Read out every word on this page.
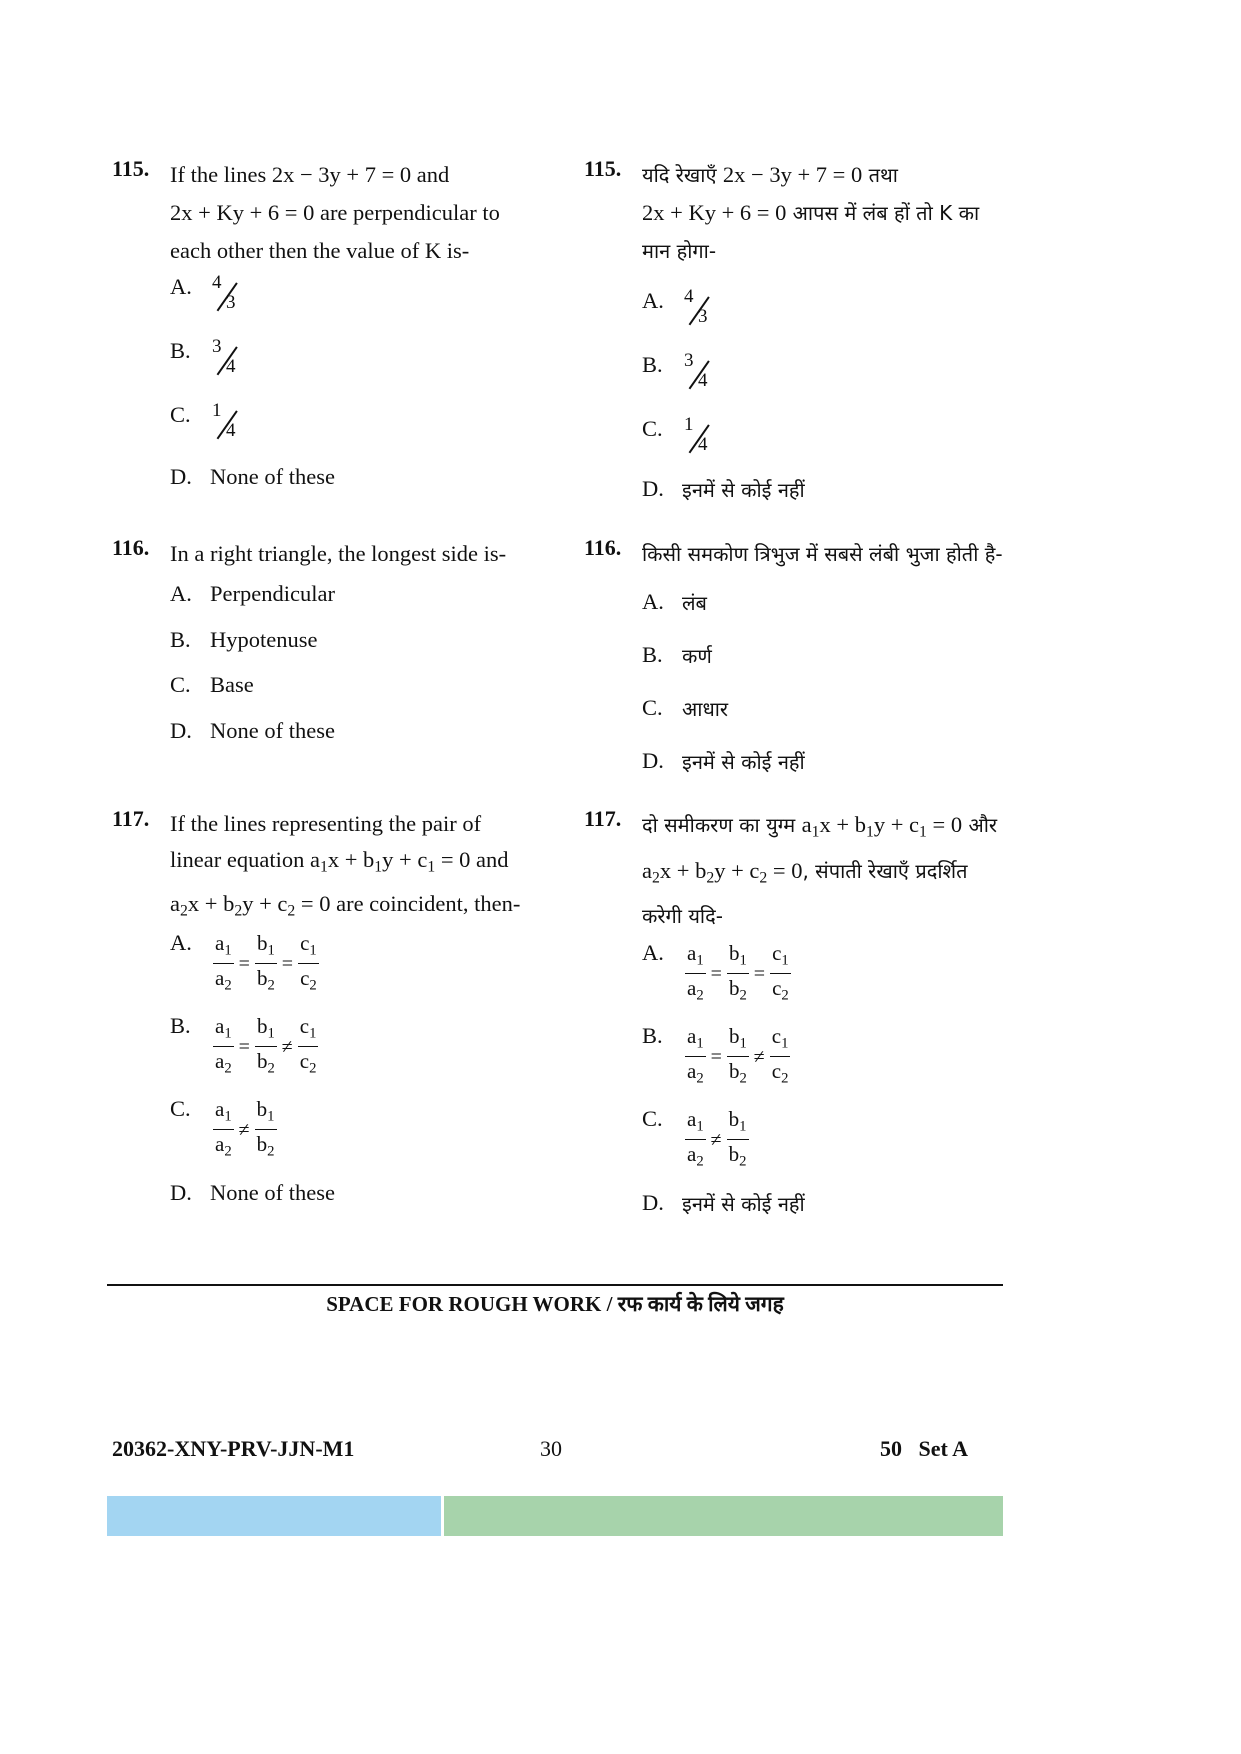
115. If the lines 2x − 3y + 7 = 0 and
2x + Ky + 6 = 0 are perpendicular to
each other then the value of K is-
A. 4
3
B. 3
4
C. 1
4
D. None of these
116. In a right triangle, the longest side is-
A. Perpendicular
B. Hypotenuse
C. Base
D. None of these
117. If the lines representing the pair of
linear equation $a_1x + b_1y + c_1 = 0$ and
$a_2x + b_2y + c_2 = 0$ are coincident, then-
A. $\frac{a_1}{a_2} = \frac{b_1}{b_2} = \frac{c_1}{c_2}$
B. $\frac{a_1}{a_2} = \frac{b_1}{b_2}$ ≠
$c_1$
$c_2$
C. $a_1$
$a_2$
≠
$b_1$
$b_2$
D. None of these
115. यदि रेखाएँ 2x − 3y + 7 = 0 तथा
2x + Ky + 6 = 0 आपस में लंब हों तो K का
मान होगा-
A. 4
3
B. 3
4
C. 1
4
D. इनमें से कोई नहीं
116. किसी समकोण त्रिभुज में सबसे लंबी भुजा होती है-
A. लंब
B. कर्ण
C. आधार
D. इनमें से कोई नहीं
117. दो समीकरण का युग्म $a_1x + b_1y + c_1 = 0$ और
$a_2x + b_2y + c_2 = 0$, संपाती रेखाएँ प्रदर्शित
करेगी यदि-
A. $\frac{a_1}{a_2} = \frac{b_1}{b_2} = \frac{c_1}{c_2}$
B. $\frac{a_1}{a_2} = \frac{b_1}{b_2}$ ≠
$c_1$
$c_2$
C. $a_1$
$a_2$
≠
$b_1$
$b_2$
D. इनमें से कोई नहीं
SPACE FOR ROUGH WORK / रफ कार्य के लिये जगह
20362-XNY-PRV-JJN-M1	30	50   Set A
